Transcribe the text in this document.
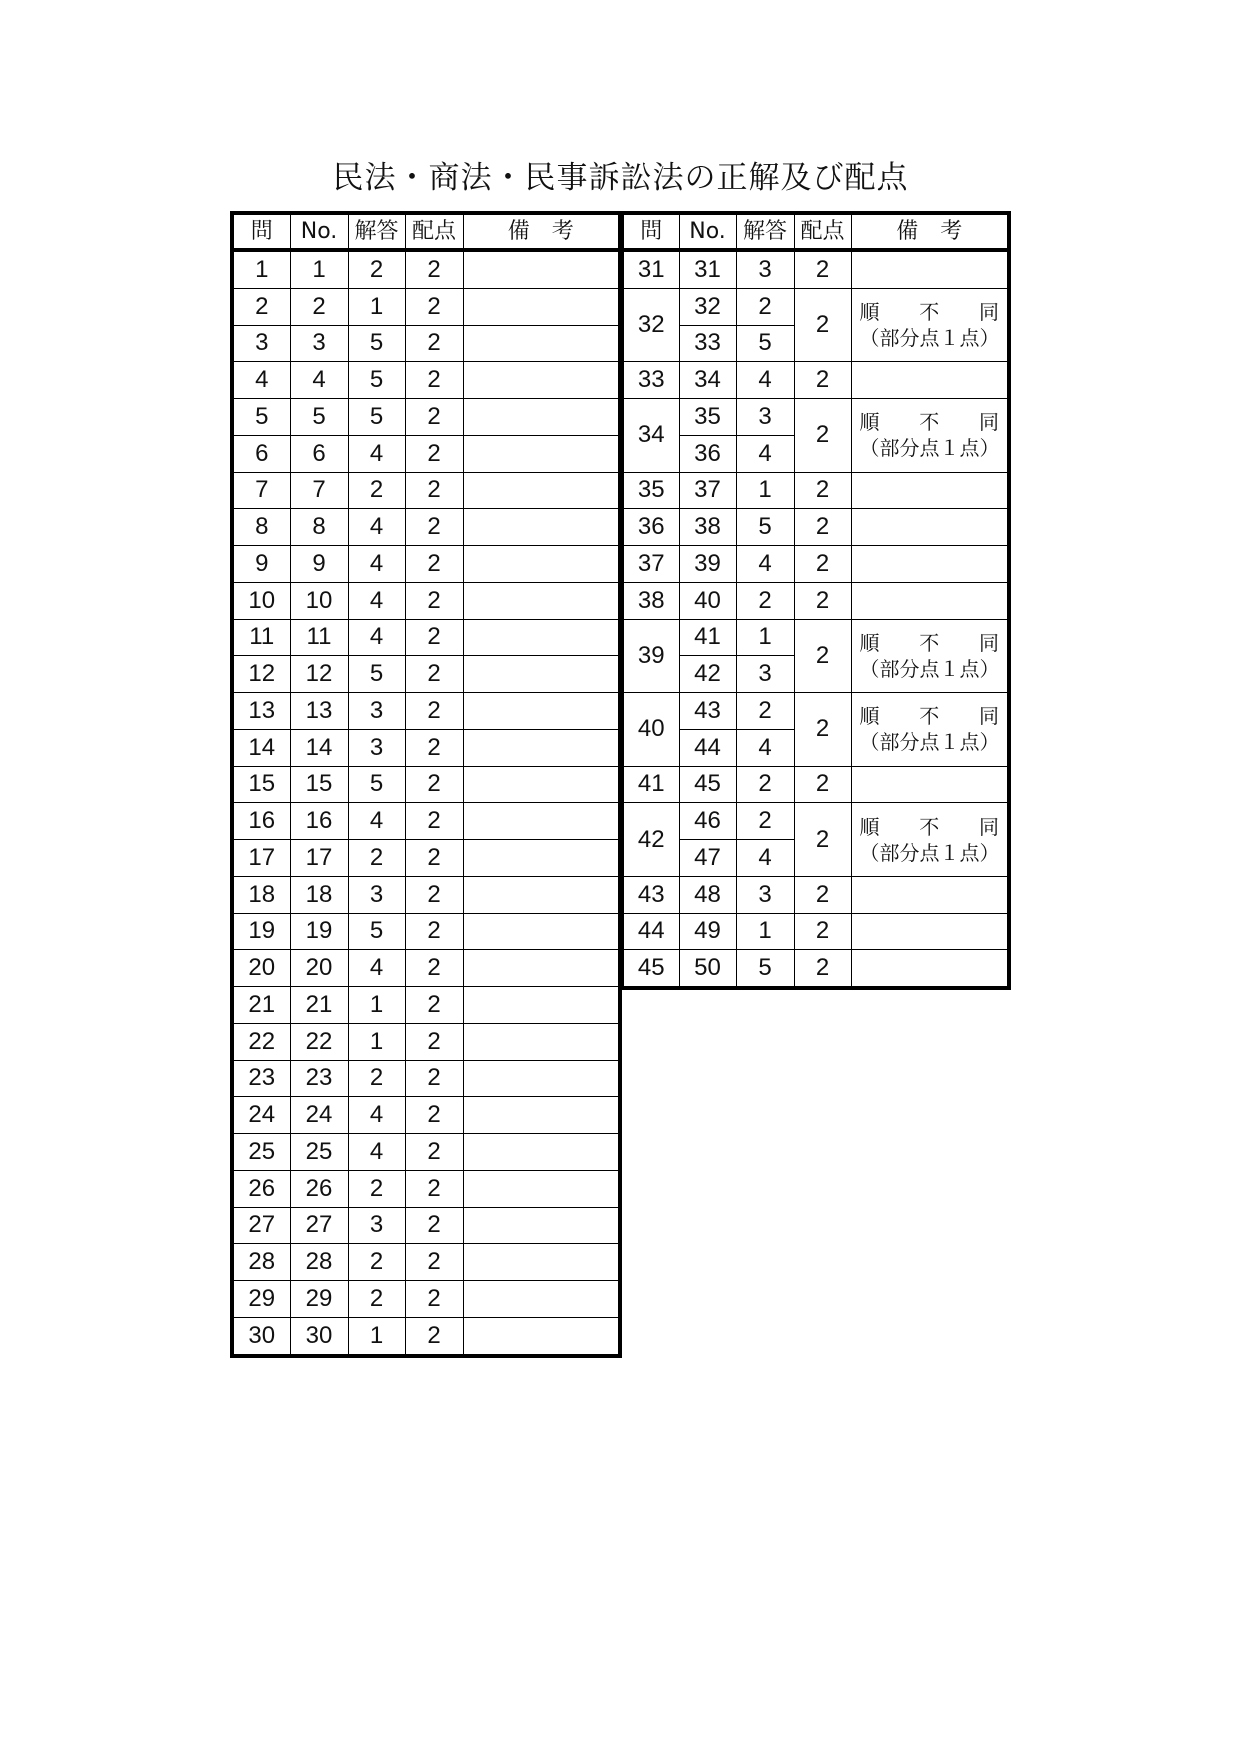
民法・商法・民事訴訟法の正解及び配点
問	No.	解答	配点	備　考
1	1	2	2	
2	2	1	2	
3	3	5	2	
4	4	5	2	
5	5	5	2	
6	6	4	2	
7	7	2	2	
8	8	4	2	
9	9	4	2	
10	10	4	2	
11	11	4	2	
12	12	5	2	
13	13	3	2	
14	14	3	2	
15	15	5	2	
16	16	4	2	
17	17	2	2	
18	18	3	2	
19	19	5	2	
20	20	4	2	
21	21	1	2	
22	22	1	2	
23	23	2	2	
24	24	4	2	
25	25	4	2	
26	26	2	2	
27	27	3	2	
28	28	2	2	
29	29	2	2	
30	30	1	2	
問	No.	解答	配点	備　考
31	31	3	2	
32	32	2	2	順 不 同
（部分点１点）

	33	5		
33	34	4	2	
34	35	3	2	順 不 同
（部分点１点）

	36	4		
35	37	1	2	
36	38	5	2	
37	39	4	2	
38	40	2	2	
39	41	1	2	順 不 同
（部分点１点）

	42	3		
40	43	2	2	順 不 同
（部分点１点）

	44	4		
41	45	2	2	
42	46	2	2	順 不 同
（部分点１点）

	47	4		
43	48	3	2	
44	49	1	2	
45	50	5	2	
